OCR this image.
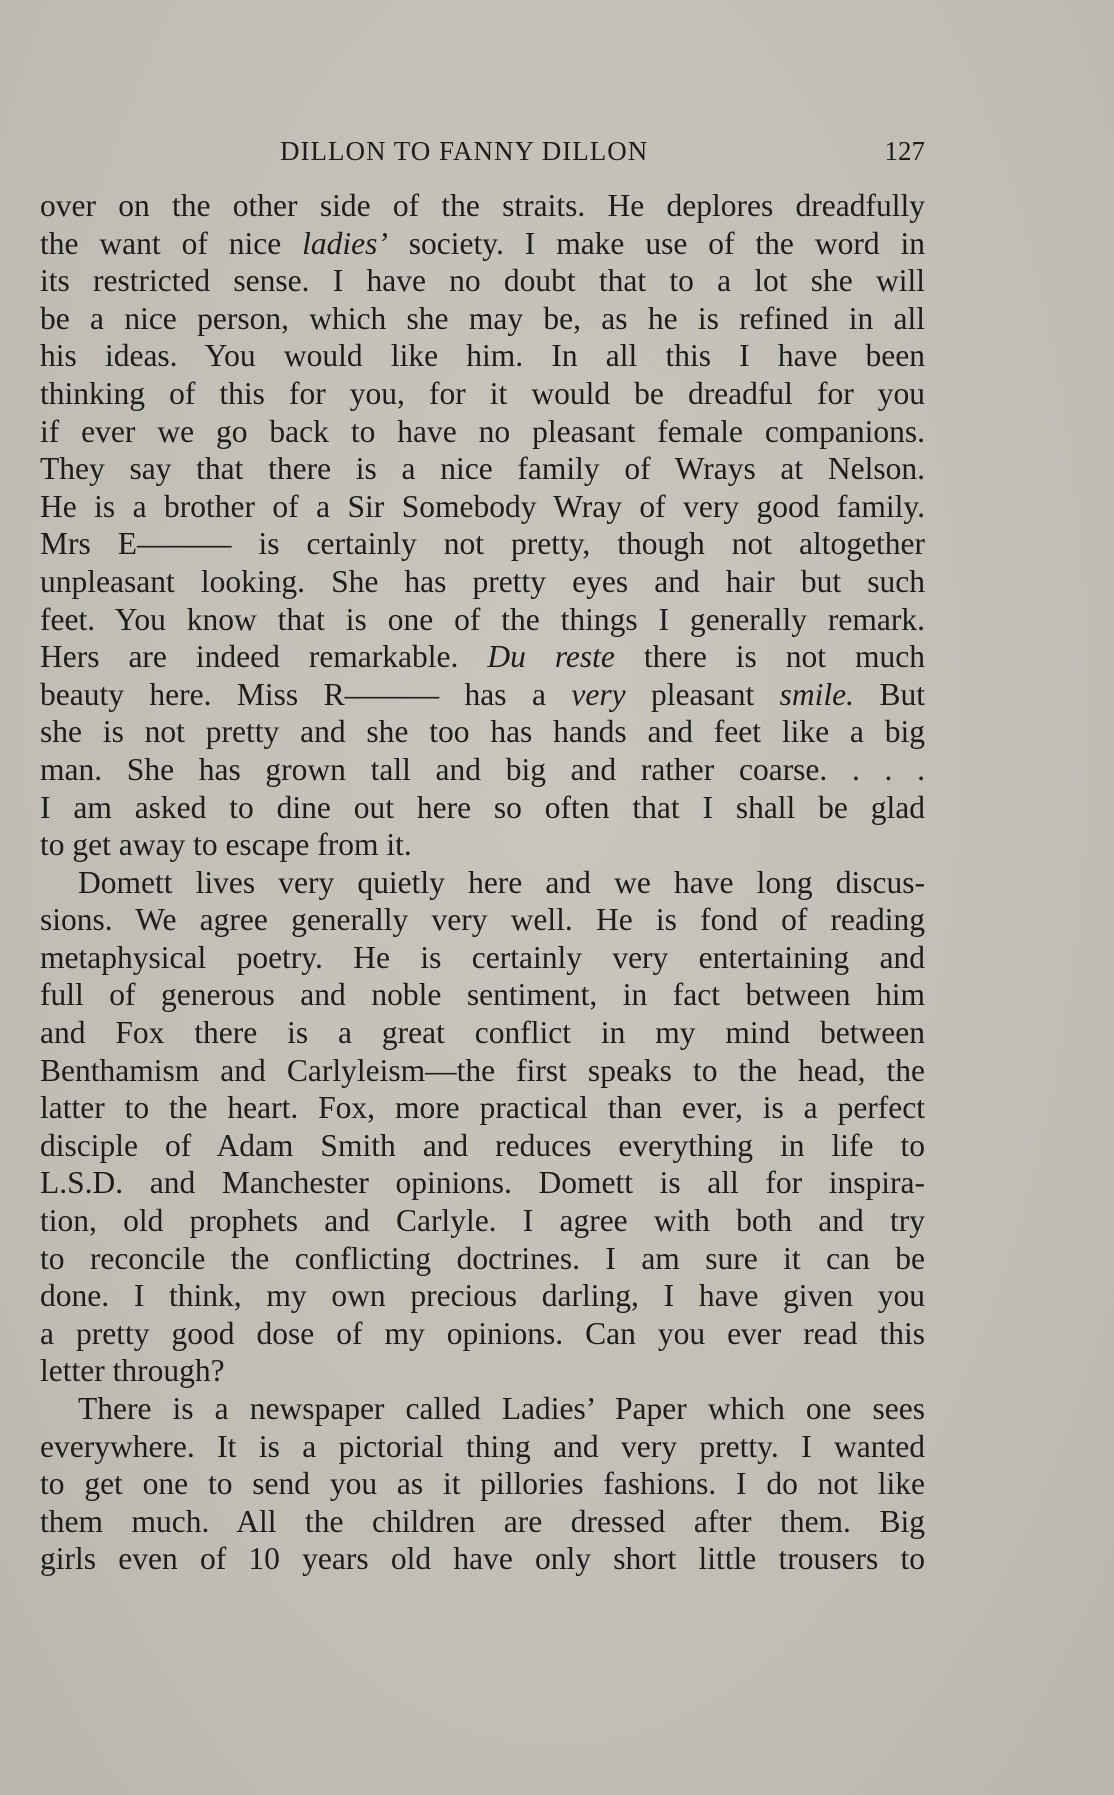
DILLON TO FANNY DILLON	127
over on the other side of the straits. He deplores dreadfully
the want of nice ladies’ society. I make use of the word in
its restricted sense. I have no doubt that to a lot she will
be a nice person, which she may be, as he is refined in all
his ideas. You would like him. In all this I have been
thinking of this for you, for it would be dreadful for you
if ever we go back to have no pleasant female companions.
They say that there is a nice family of Wrays at Nelson.
He is a brother of a Sir Somebody Wray of very good family.
Mrs E——— is certainly not pretty, though not altogether
unpleasant looking. She has pretty eyes and hair but such
feet. You know that is one of the things I generally remark.
Hers are indeed remarkable. Du reste there is not much
beauty here. Miss R——— has a very pleasant smile. But
she is not pretty and she too has hands and feet like a big
man. She has grown tall and big and rather coarse. . . .
I am asked to dine out here so often that I shall be glad
to get away to escape from it.
Domett lives very quietly here and we have long discus-
sions. We agree generally very well. He is fond of reading
metaphysical poetry. He is certainly very entertaining and
full of generous and noble sentiment, in fact between him
and Fox there is a great conflict in my mind between
Benthamism and Carlyleism—the first speaks to the head, the
latter to the heart. Fox, more practical than ever, is a perfect
disciple of Adam Smith and reduces everything in life to
L.S.D. and Manchester opinions. Domett is all for inspira-
tion, old prophets and Carlyle. I agree with both and try
to reconcile the conflicting doctrines. I am sure it can be
done. I think, my own precious darling, I have given you
a pretty good dose of my opinions. Can you ever read this
letter through?
There is a newspaper called Ladies’ Paper which one sees
everywhere. It is a pictorial thing and very pretty. I wanted
to get one to send you as it pillories fashions. I do not like
them much. All the children are dressed after them. Big
girls even of 10 years old have only short little trousers to
